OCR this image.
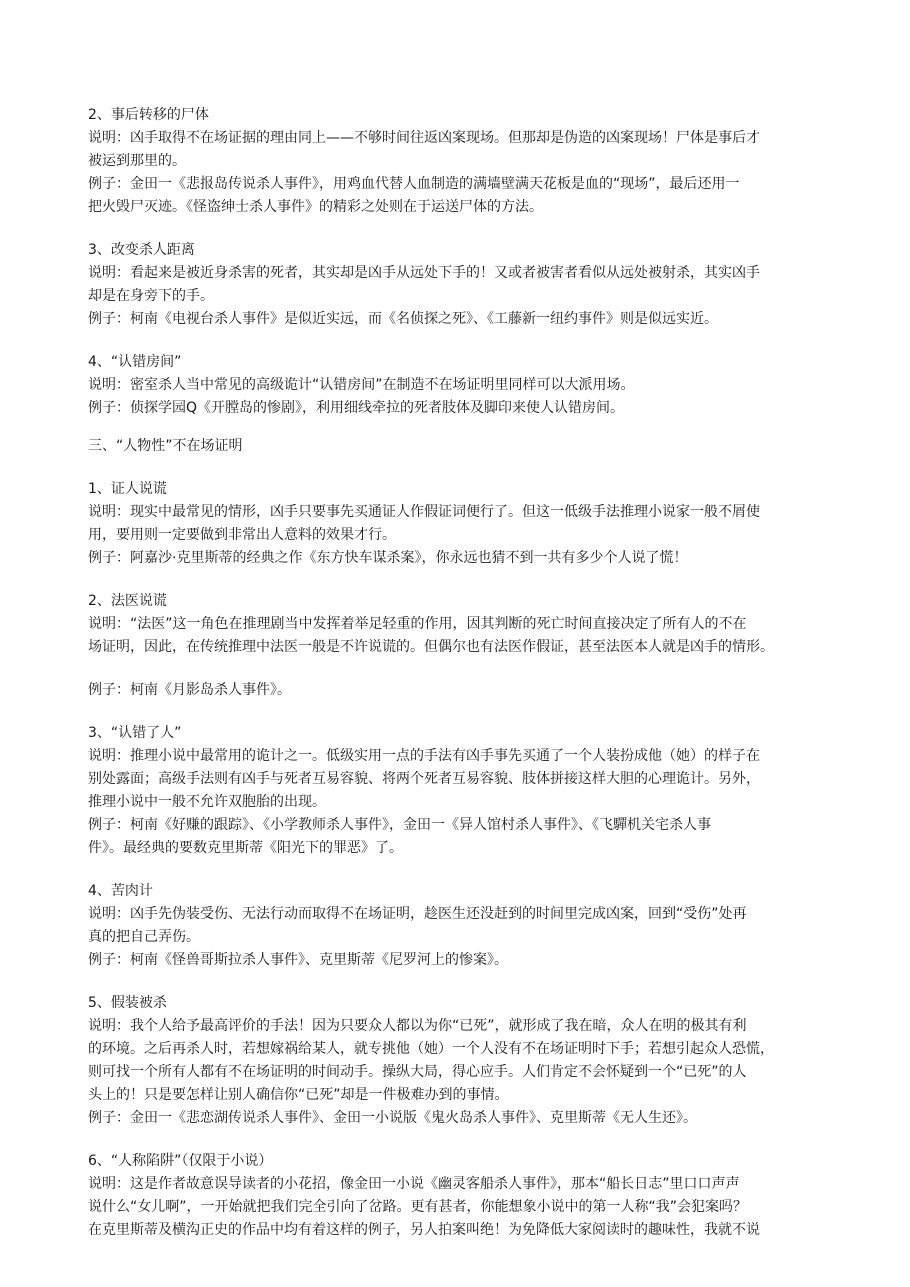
2、事后转移的尸体
说明：凶手取得不在场证据的理由同上——不够时间往返凶案现场。但那却是伪造的凶案现场！尸体是事后才
被运到那里的。
例子：金田一《悲报岛传说杀人事件》，用鸡血代替人血制造的满墙壁满天花板是血的“现场”，最后还用一
把火毁尸灭迹。《怪盗绅士杀人事件》的精彩之处则在于运送尸体的方法。
3、改变杀人距离
说明：看起来是被近身杀害的死者，其实却是凶手从远处下手的！又或者被害者看似从远处被射杀，其实凶手
却是在身旁下的手。
例子：柯南《电视台杀人事件》是似近实远，而《名侦探之死》、《工藤新一纽约事件》则是似远实近。
4、“认错房间”
说明：密室杀人当中常见的高级诡计“认错房间”在制造不在场证明里同样可以大派用场。
例子：侦探学园Q《开膛岛的惨剧》，利用细线牵拉的死者肢体及脚印来使人认错房间。
三、“人物性”不在场证明
1、证人说谎
说明：现实中最常见的情形，凶手只要事先买通证人作假证词便行了。但这一低级手法推理小说家一般不屑使
用，要用则一定要做到非常出人意料的效果才行。
例子：阿嘉沙·克里斯蒂的经典之作《东方快车谋杀案》，你永远也猜不到一共有多少个人说了慌！
2、法医说谎
说明：“法医”这一角色在推理剧当中发挥着举足轻重的作用，因其判断的死亡时间直接决定了所有人的不在
场证明，因此，在传统推理中法医一般是不许说谎的。但偶尔也有法医作假证，甚至法医本人就是凶手的情形。
例子：柯南《月影岛杀人事件》。
3、“认错了人”
说明：推理小说中最常用的诡计之一。低级实用一点的手法有凶手事先买通了一个人装扮成他（她）的样子在
别处露面；高级手法则有凶手与死者互易容貌、将两个死者互易容貌、肢体拼接这样大胆的心理诡计。另外，
推理小说中一般不允许双胞胎的出现。
例子：柯南《好赚的跟踪》、《小学教师杀人事件》，金田一《异人馆村杀人事件》、《飞驒机关宅杀人事
件》。最经典的要数克里斯蒂《阳光下的罪恶》了。
4、苦肉计
说明：凶手先伪装受伤、无法行动而取得不在场证明，趁医生还没赶到的时间里完成凶案，回到“受伤”处再
真的把自己弄伤。
例子：柯南《怪兽哥斯拉杀人事件》、克里斯蒂《尼罗河上的惨案》。
5、假装被杀
说明：我个人给予最高评价的手法！因为只要众人都以为你“已死”，就形成了我在暗，众人在明的极其有利
的环境。之后再杀人时，若想嫁祸给某人，就专挑他（她）一个人没有不在场证明时下手；若想引起众人恐慌，
则可找一个所有人都有不在场证明的时间动手。操纵大局，得心应手。人们肯定不会怀疑到一个“已死”的人
头上的！只是要怎样让别人确信你“已死”却是一件极难办到的事情。
例子：金田一《悲恋湖传说杀人事件》、金田一小说版《鬼火岛杀人事件》、克里斯蒂《无人生还》。
6、“人称陷阱”（仅限于小说）
说明：这是作者故意误导读者的小花招，像金田一小说《幽灵客船杀人事件》，那本“船长日志”里口口声声
说什么“女儿啊”，一开始就把我们完全引向了岔路。更有甚者，你能想象小说中的第一人称“我”会犯案吗？
在克里斯蒂及横沟正史的作品中均有着这样的例子，另人拍案叫绝！为免降低大家阅读时的趣味性，我就不说
